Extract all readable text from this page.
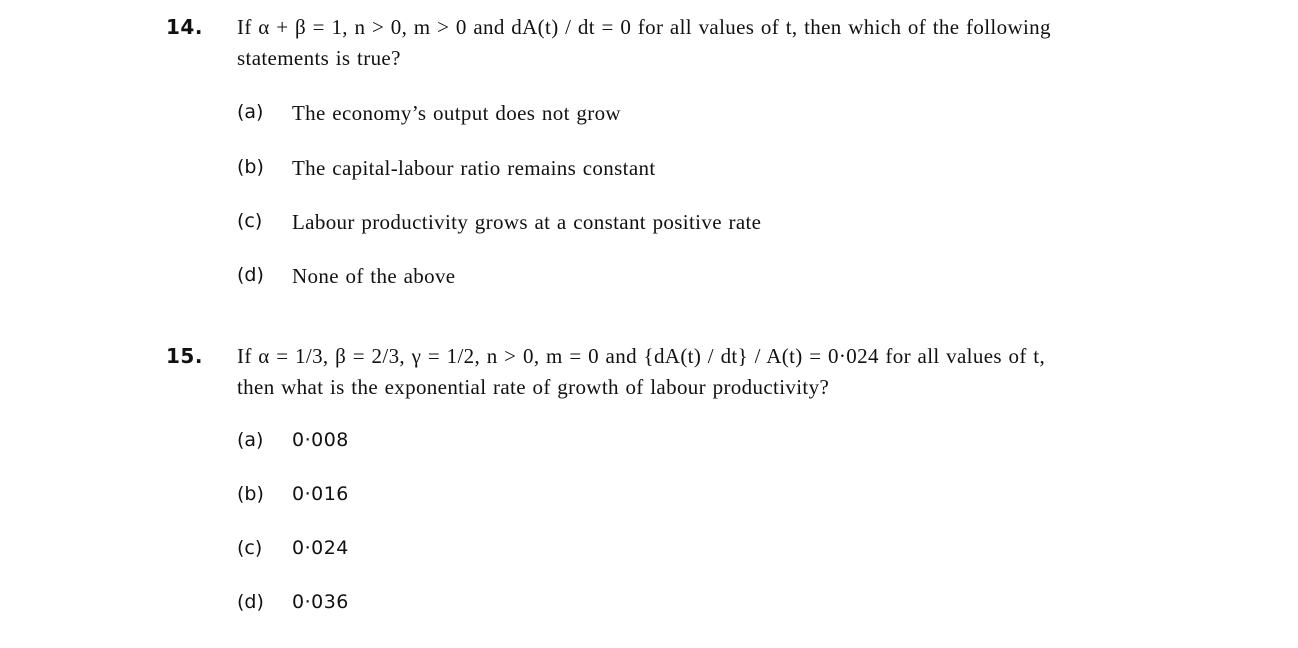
14. If α + β = 1, n > 0, m > 0 and dA(t) / dt = 0 for all values of t, then which of the following
statements is true?
(a) The economy’s output does not grow
(b) The capital-labour ratio remains constant
(c) Labour productivity grows at a constant positive rate
(d) None of the above
15. If α = 1/3, β = 2/3, γ = 1/2, n > 0, m = 0 and {dA(t) / dt} / A(t) = 0·024 for all values of t,
then what is the exponential rate of growth of labour productivity?
(a) 0·008
(b) 0·016
(c) 0·024
(d) 0·036
